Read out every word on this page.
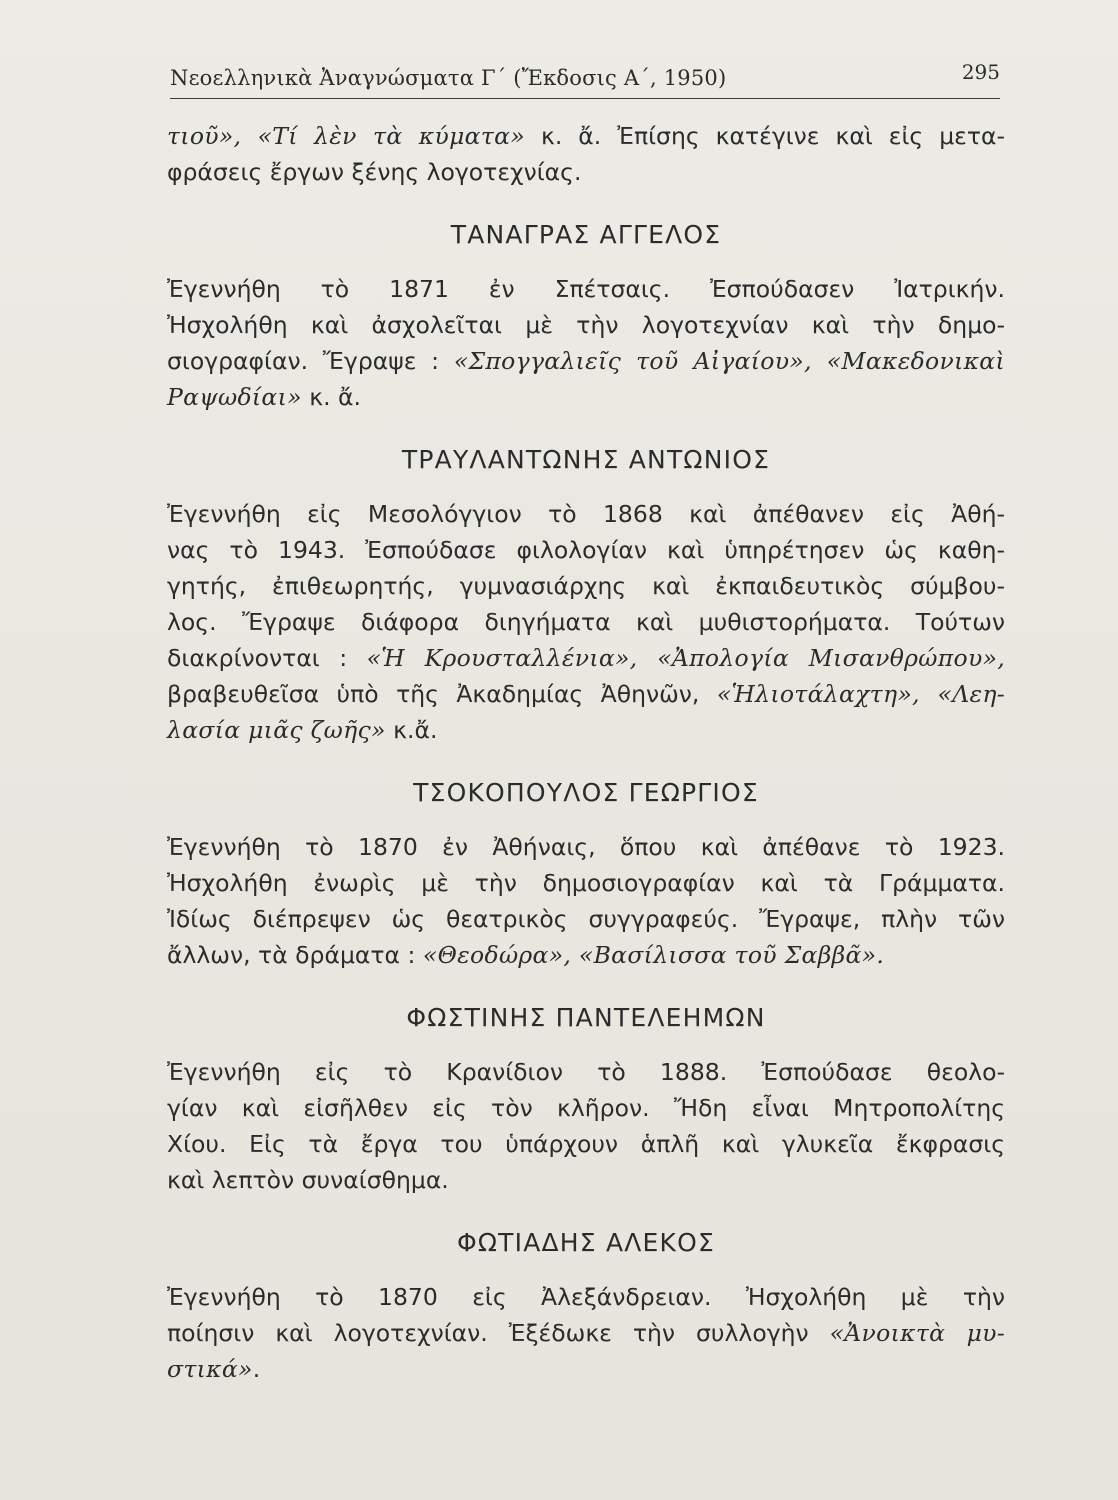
Νεοελληνικὰ Ἀναγνώσματα Γ΄ (Ἔκδοσις Α΄, 1950)	295

τιοῦ», «Τί λὲν τὰ κύματα» κ. ἄ. Ἐπίσης κατέγινε καὶ εἰς μετα-

φράσεις ἔργων ξένης λογοτεχνίας.

ΤΑΝΑΓΡΑΣ ΑΓΓΕΛΟΣ

Ἐγεννήθη τὸ 1871 ἐν Σπέτσαις. Ἐσπούδασεν Ἰατρικήν.

Ἠσχολήθη καὶ ἀσχολεῖται μὲ τὴν λογοτεχνίαν καὶ τὴν δημο-

σιογραφίαν. Ἔγραψε : «Σπογγαλιεῖς τοῦ Αἰγαίου», «Μακεδονικαὶ

Ραψωδίαι» κ. ἄ.

ΤΡΑΥΛΑΝΤΩΝΗΣ ΑΝΤΩΝΙΟΣ

Ἐγεννήθη εἰς Μεσολόγγιον τὸ 1868 καὶ ἀπέθανεν εἰς Ἀθή-

νας τὸ 1943. Ἐσπούδασε φιλολογίαν καὶ ὑπηρέτησεν ὡς καθη-

γητής, ἐπιθεωρητής, γυμνασιάρχης καὶ ἐκπαιδευτικὸς σύμβου-

λος. Ἔγραψε διάφορα διηγήματα καὶ μυθιστορήματα. Τούτων

διακρίνονται : «Ἡ Κρουσταλλένια», «Ἀπολογία Μισανθρώπου»,

βραβευθεῖσα ὑπὸ τῆς Ἀκαδημίας Ἀθηνῶν, «Ἡλιοτάλαχτη», «Λεη-

λασία μιᾶς ζωῆς» κ.ἄ.

ΤΣΟΚΟΠΟΥΛΟΣ ΓΕΩΡΓΙΟΣ

Ἐγεννήθη τὸ 1870 ἐν Ἀθήναις, ὅπου καὶ ἀπέθανε τὸ 1923.

Ἠσχολήθη ἐνωρὶς μὲ τὴν δημοσιογραφίαν καὶ τὰ Γράμματα.

Ἰδίως διέπρεψεν ὡς θεατρικὸς συγγραφεύς. Ἔγραψε, πλὴν τῶν

ἄλλων, τὰ δράματα : «Θεοδώρα», «Βασίλισσα τοῦ Σαββᾶ».

ΦΩΣΤΙΝΗΣ ΠΑΝΤΕΛΕΗΜΩΝ

Ἐγεννήθη εἰς τὸ Κρανίδιον τὸ 1888. Ἐσπούδασε θεολο-

γίαν καὶ εἰσῆλθεν εἰς τὸν κλῆρον. Ἤδη εἶναι Μητροπολίτης

Χίου. Εἰς τὰ ἔργα του ὑπάρχουν ἁπλῆ καὶ γλυκεῖα ἔκφρασις

καὶ λεπτὸν συναίσθημα.

ΦΩΤΙΑΔΗΣ ΑΛΕΚΟΣ

Ἐγεννήθη τὸ 1870 εἰς Ἀλεξάνδρειαν. Ἠσχολήθη μὲ τὴν

ποίησιν καὶ λογοτεχνίαν. Ἐξέδωκε τὴν συλλογὴν «Ἀνοικτὰ μυ-

στικά».
